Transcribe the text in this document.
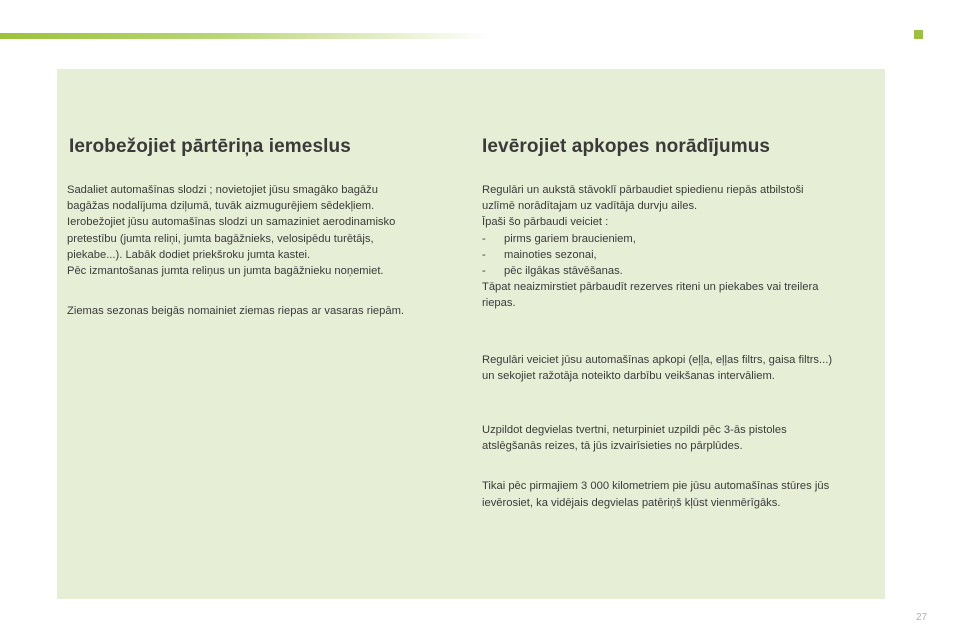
Ierobežojiet pārtēriņa iemeslus
Sadaliet automašīnas slodzi ; novietojiet jūsu smagāko bagāžu
bagāžas nodalījuma dziļumā, tuvāk aizmugurējiem sēdekļiem.
Ierobežojiet jūsu automašīnas slodzi un samaziniet aerodinamisko
pretestību (jumta reliņi, jumta bagāžnieks, velosipēdu turētājs,
piekabe...). Labāk dodiet priekšroku jumta kastei.
Pēc izmantošanas jumta reliņus un jumta bagāžnieku noņemiet.
Ziemas sezonas beigās nomainiet ziemas riepas ar vasaras riepām.
Ievērojiet apkopes norādījumus
Regulāri un aukstā stāvoklī pārbaudiet spiedienu riepās atbilstoši
uzlīmē norādītajam uz vadītāja durvju ailes.
Īpaši šo pārbaudi veiciet :
-	pirms gariem braucieniem,
-	mainoties sezonai,
-	pēc ilgākas stāvēšanas.
Tāpat neaizmirstiet pārbaudīt rezerves riteni un piekabes vai treilera
riepas.
Regulāri veiciet jūsu automašīnas apkopi (eļļa, eļļas filtrs, gaisa filtrs...)
un sekojiet ražotāja noteikto darbību veikšanas intervāliem.
Uzpildot degvielas tvertni, neturpiniet uzpildi pēc 3-ās pistoles
atslēgšanās reizes, tā jūs izvairīsieties no pārplūdes.
Tikai pēc pirmajiem 3 000 kilometriem pie jūsu automašīnas stūres jūs
ievērosiet, ka vidējais degvielas patēriņš kļūst vienmērīgāks.
27
